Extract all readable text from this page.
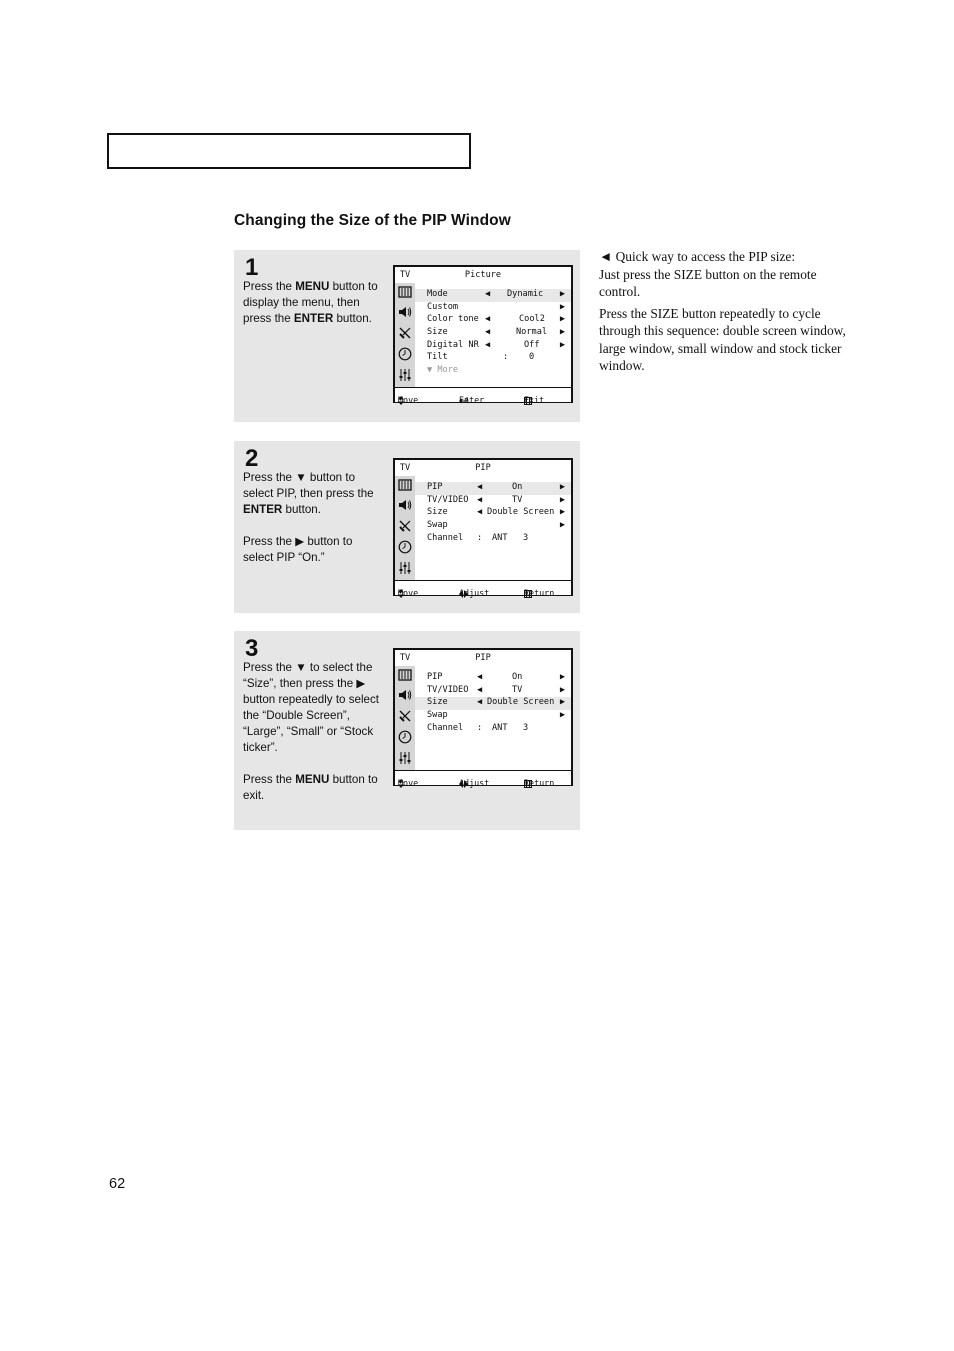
Changing the Size of the PIP Window
1

Press the MENU button to display the menu, then press the ENTER button.

TV	Picture
Mode	◀ Dynamic ▶
Custom	▶
Color tone ◀	Cool2 ▶
Size	◀	Normal ▶
Digital NR ◀	Off ▶
Tilt	: 0
▼ More
Move	Enter	Exit
2

Press the ▼ button to select PIP, then press the ENTER button.

Press the ▶ button to select PIP “On.”

TV	PIP
PIP	◀	On	▶
TV/VIDEO ◀	TV	▶
Size	◀ Double Screen ▶
Swap	▶
Channel : ANT   3
Move	Adjust	Return
3

Press the ▼ to select the “Size”, then press the ▶ button repeatedly to select the “Double Screen”, “Large”, “Small” or “Stock ticker”.

Press the MENU button to exit.

TV	PIP
PIP	◀	On	▶
TV/VIDEO ◀	TV	▶
Size	◀ Double Screen ▶
Swap	▶
Channel : ANT   3
Move	Adjust	Return

◄ Quick way to access the PIP size:
Just press the SIZE button on the remote control.

Press the SIZE button repeatedly to cycle through this sequence: double screen window, large window, small window and stock ticker window.

62
